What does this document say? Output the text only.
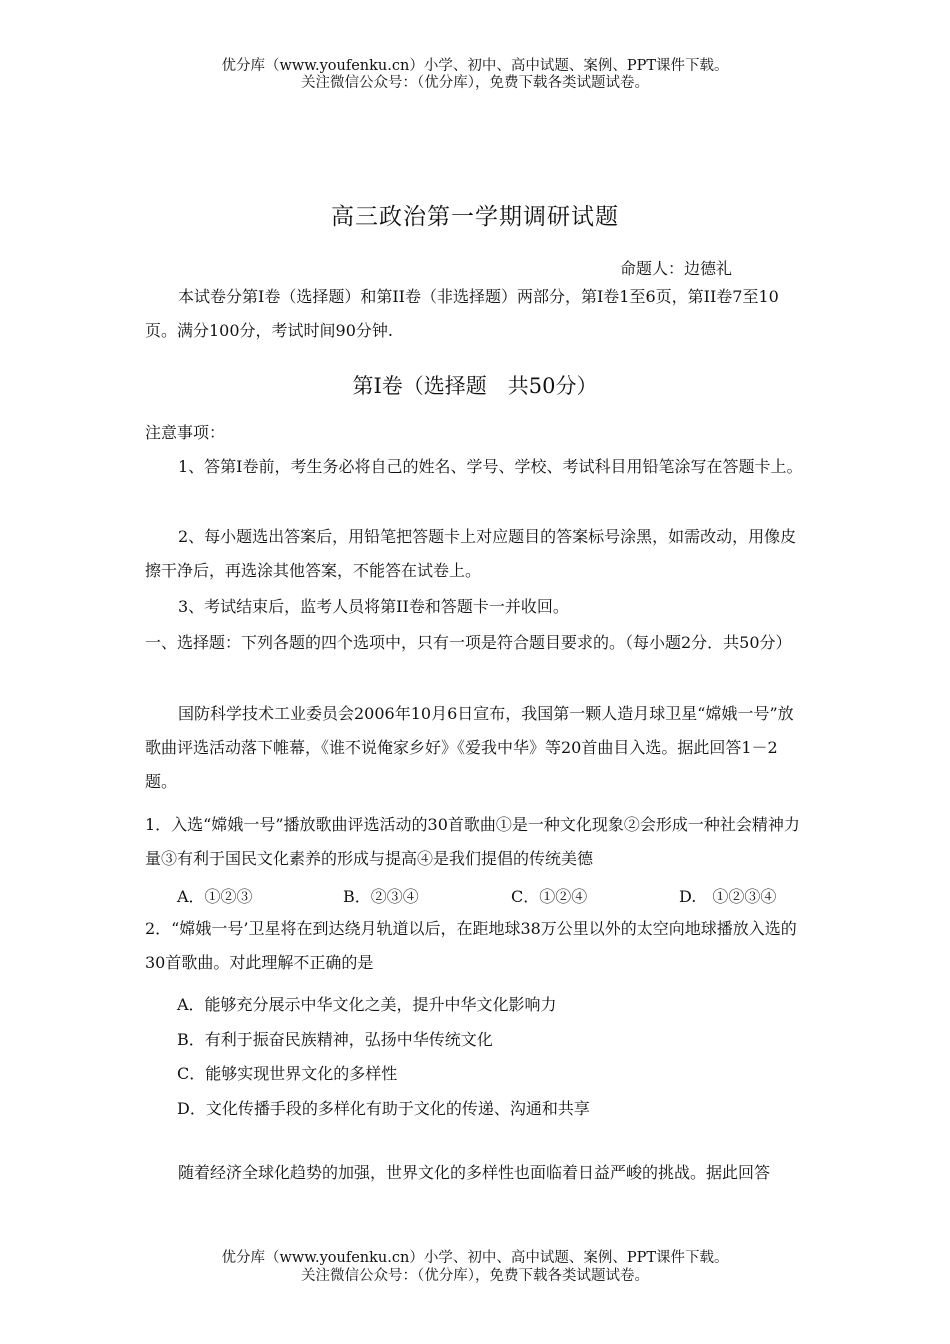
优分库（www.youfenku.cn）小学、初中、高中试题、案例、PPT课件下载。
关注微信公众号：（优分库），免费下载各类试题试卷。
高三政治第一学期调研试题
命题人：边德礼

本试卷分第Ⅰ卷（选择题）和第II卷（非选择题）两部分，第Ⅰ卷1至6页，第II卷7至10页。满分100分，考试时间90分钟.

第Ⅰ卷（选择题　共50分）

注意事项：

1、答第Ⅰ卷前，考生务必将自己的姓名、学号、学校、考试科目用铅笔涂写在答题卡上。

2、每小题选出答案后，用铅笔把答题卡上对应题目的答案标号涂黑，如需改动，用像皮擦干净后，再选涂其他答案，不能答在试卷上。

3、考试结束后，监考人员将第II卷和答题卡一并收回。

一、选择题：下列各题的四个选项中，只有一项是符合题目要求的。（每小题2分．共50分）

国防科学技术工业委员会2006年10月6日宣布，我国第一颗人造月球卫星“嫦娥一号”放歌曲评选活动落下帷幕，《谁不说俺家乡好》《爱我中华》等20首曲目入选。据此回答1－2题。

1．入选“嫦娥一号”播放歌曲评选活动的30首歌曲①是一种文化现象②会形成一种社会精神力量③有利于国民文化素养的形成与提高④是我们提倡的传统美德

A．①②③	B．②③④	C．①②④	D.　①②③④

2．“嫦娥一号’卫星将在到达绕月轨道以后，在距地球38万公里以外的太空向地球播放入选的30首歌曲。对此理解不正确的是

A．能够充分展示中华文化之美，提升中华文化影响力
B．有利于振奋民族精神，弘扬中华传统文化
C．能够实现世界文化的多样性
D．文化传播手段的多样化有助于文化的传递、沟通和共享

随着经济全球化趋势的加强，世界文化的多样性也面临着日益严峻的挑战。据此回答

优分库（www.youfenku.cn）小学、初中、高中试题、案例、PPT课件下载。
关注微信公众号：（优分库），免费下载各类试题试卷。
